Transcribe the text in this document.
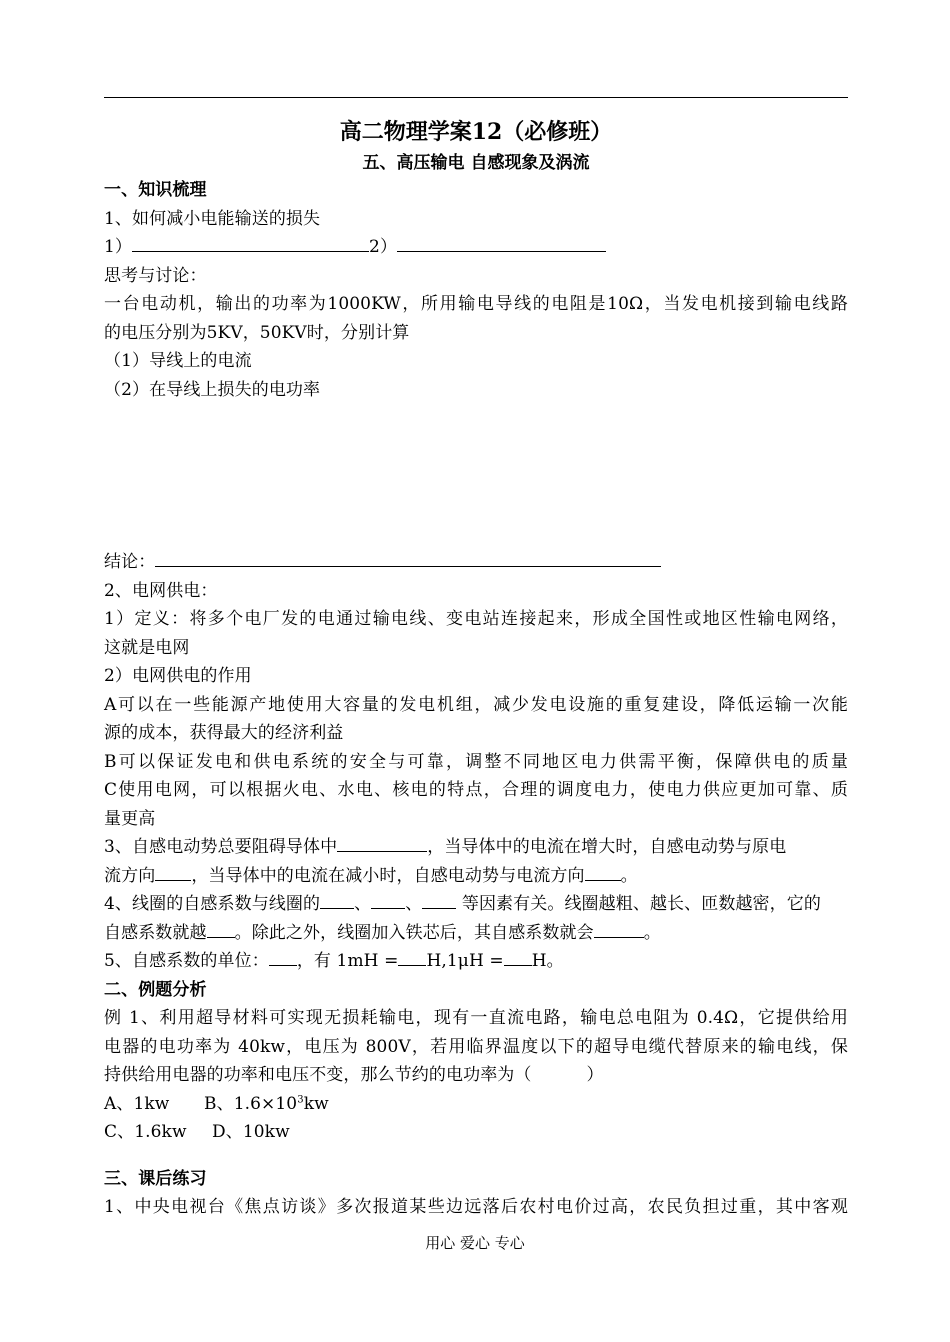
高二物理学案12（必修班）
五、高压输电 自感现象及涡流
一、知识梳理
1、如何减小电能输送的损失
1）	2）
思考与讨论：
一台电动机，输出的功率为1000KW，所用输电导线的电阻是10Ω，当发电机接到输电线路
的电压分别为5KV，50KV时，分别计算
（1）导线上的电流
（2）在导线上损失的电功率
结论：
2、电网供电：
1）定义：将多个电厂发的电通过输电线、变电站连接起来，形成全国性或地区性输电网络，
这就是电网
2）电网供电的作用
A可以在一些能源产地使用大容量的发电机组，减少发电设施的重复建设，降低运输一次能
源的成本，获得最大的经济利益
B可以保证发电和供电系统的安全与可靠，调整不同地区电力供需平衡，保障供电的质量
C使用电网，可以根据火电、水电、核电的特点，合理的调度电力，使电力供应更加可靠、质
量更高
3、自感电动势总要阻碍导体中	，当导体中的电流在增大时，自感电动势与原电
流方向 ，当导体中的电流在减小时，自感电动势与电流方向 。
4、线圈的自感系数与线圈的 、 、 等因素有关。线圈越粗、越长、匝数越密，它的
自感系数就越 。除此之外，线圈加入铁芯后，其自感系数就会	。
5、自感系数的单位： ，有 1mH = H,1μH = H。
二、例题分析
例 1、利用超导材料可实现无损耗输电，现有一直流电路，输电总电阻为 0.4Ω，它提供给用
电器的电功率为 40kw，电压为 800V，若用临界温度以下的超导电缆代替原来的输电线，保
持供给用电器的功率和电压不变，那么节约的电功率为（          ）
A、1kw B、$1.6\times 10^3kw$
C、1.6kw D、10kw
三、课后练习
1、中央电视台《焦点访谈》多次报道某些边远落后农村电价过高，农民负担过重，其中客观
用心 爱心 专心
